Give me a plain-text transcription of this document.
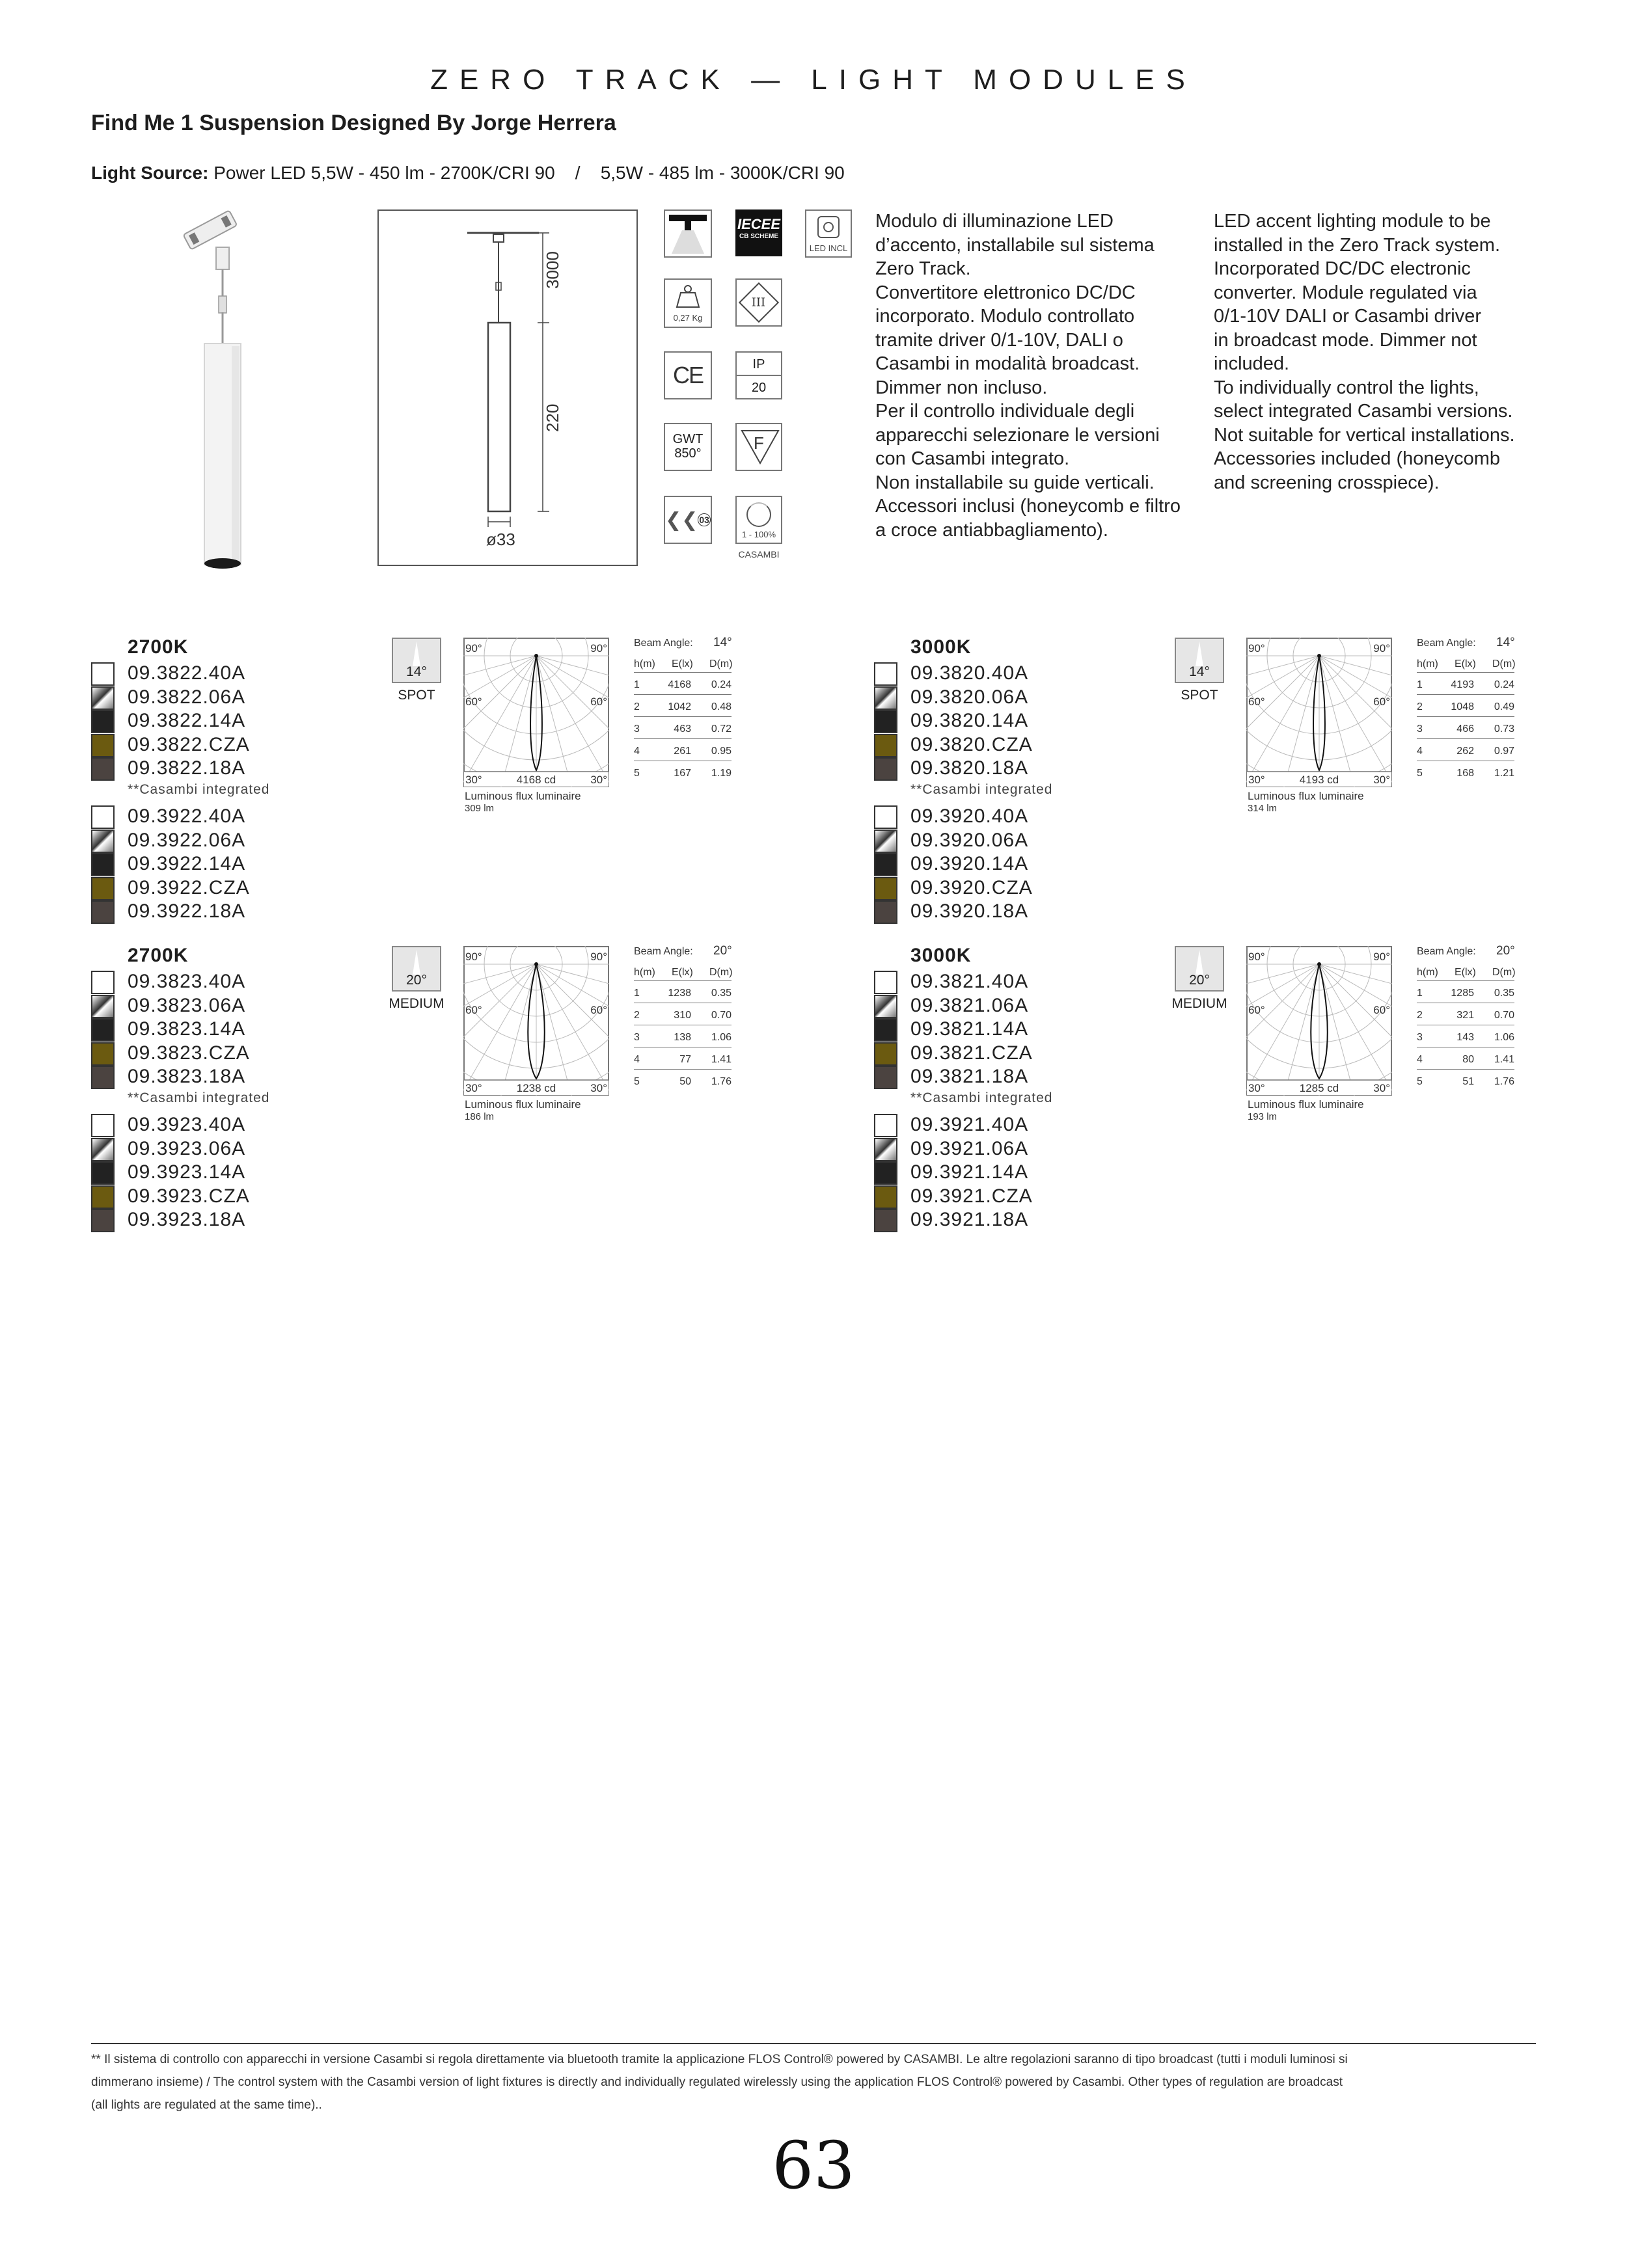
ZERO TRACK — LIGHT MODULES
Find Me 1 Suspension Designed By Jorge Herrera
Light Source: Power LED 5,5W - 450 lm - 2700K/CRI 90    /    5,5W - 485 lm - 3000K/CRI 90
3000
220
ø33
IECEE
CB SCHEME
LED INCL
0,27 Kg
III
CE	IP
20
GWT
850°
F
❮❮ 03
1 - 100%
CASAMBI
Modulo di illuminazione LED
d’accento, installabile sul sistema
Zero Track.
Convertitore elettronico DC/DC
incorporato. Modulo controllato
tramite driver 0/1-10V, DALI o
Casambi in modalità broadcast.
Dimmer non incluso.
Per il controllo individuale degli
apparecchi selezionare le versioni
con Casambi integrato.
Non installabile su guide verticali.
Accessori inclusi (honeycomb e filtro
a croce antiabbagliamento).
LED accent lighting module to be
installed in the Zero Track system.
Incorporated DC/DC electronic
converter. Module regulated via
0/1-10V DALI or Casambi driver
in broadcast mode. Dimmer not
included.
To individually control the lights,
select integrated Casambi versions.
Not suitable for vertical installations.
Accessories included (honeycomb
and screening crosspiece).
2700K
09.3822.40A
09.3822.06A
09.3822.14A
09.3822.CZA
09.3822.18A
**Casambi integrated
09.3922.40A
09.3922.06A
09.3922.14A
09.3922.CZA
09.3922.18A
14°
SPOT
90°	90°
60°	60°
30°	30°
4168 cd
Luminous flux luminaire
309 lm
Beam Angle: 14°
h(m) E(lx) D(m)
1	4168 0.24
2	1042 0.48
3	463 0.72
4	261 0.95
5	167 1.19
3000K
09.3820.40A
09.3820.06A
09.3820.14A
09.3820.CZA
09.3820.18A
**Casambi integrated
09.3920.40A
09.3920.06A
09.3920.14A
09.3920.CZA
09.3920.18A
14°
SPOT
90°	90°
60°	60°
30°	30°
4193 cd
Luminous flux luminaire
314 lm
Beam Angle: 14°
h(m) E(lx) D(m)
1	4193 0.24
2	1048 0.49
3	466 0.73
4	262 0.97
5	168 1.21
2700K
09.3823.40A
09.3823.06A
09.3823.14A
09.3823.CZA
09.3823.18A
**Casambi integrated
09.3923.40A
09.3923.06A
09.3923.14A
09.3923.CZA
09.3923.18A
20°
MEDIUM
90°	90°
60°	60°
30°	30°
1238 cd
Luminous flux luminaire
186 lm
Beam Angle: 20°
h(m) E(lx) D(m)
1	1238 0.35
2	310 0.70
3	138 1.06
4	77 1.41
5	50 1.76
3000K
09.3821.40A
09.3821.06A
09.3821.14A
09.3821.CZA
09.3821.18A
**Casambi integrated
09.3921.40A
09.3921.06A
09.3921.14A
09.3921.CZA
09.3921.18A
20°
MEDIUM
90°	90°
60°	60°
30°	30°
1285 cd
Luminous flux luminaire
193 lm
Beam Angle: 20°
h(m) E(lx) D(m)
1	1285 0.35
2	321 0.70
3	143 1.06
4	80 1.41
5	51 1.76
** Il sistema di controllo con apparecchi in versione Casambi si regola direttamente via bluetooth tramite la applicazione FLOS Control® powered by CASAMBI. Le altre regolazioni saranno di tipo broadcast (tutti i moduli luminosi si
dimmerano insieme) / The control system with the Casambi version of light fixtures is directly and individually regulated wirelessly using the application FLOS Control® powered by Casambi. Other types of regulation are broadcast
(all lights are regulated at the same time)..
63
